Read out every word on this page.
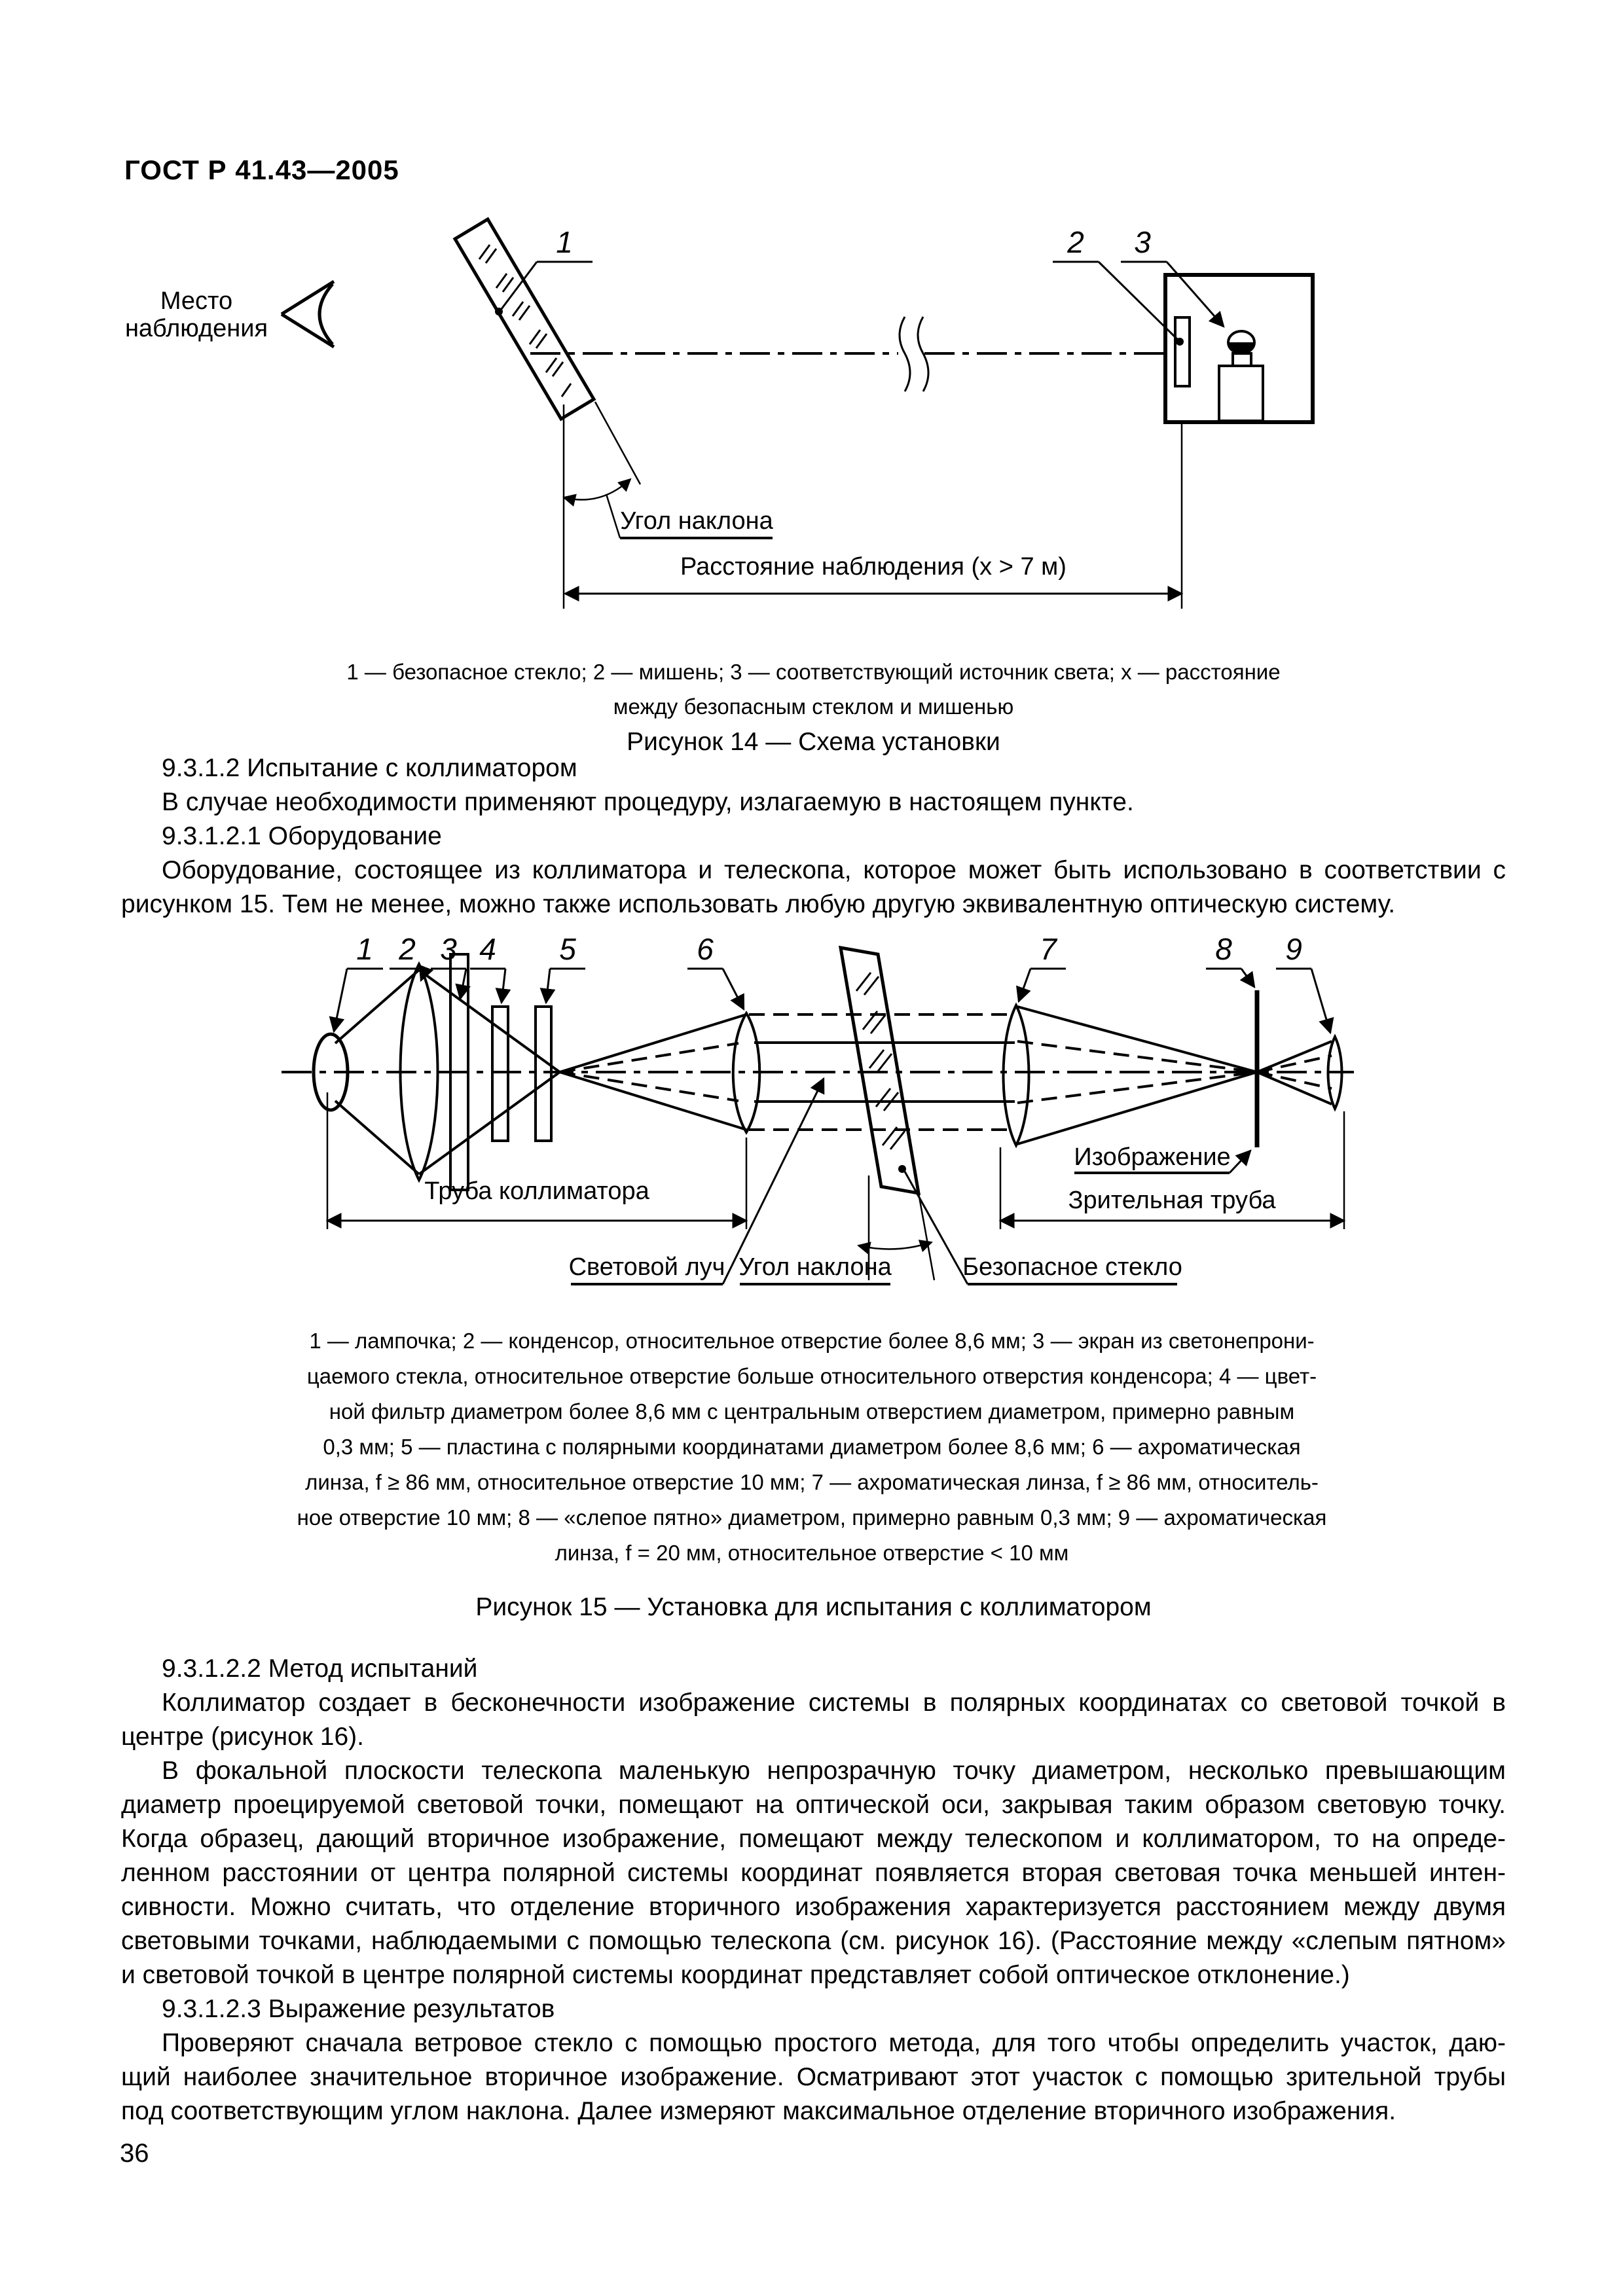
ГОСТ Р 41.43—2005
Место
наблюдения
1	2 3
Угол наклона
Расстояние наблюдения (x > 7 м)
1 — безопасное стекло; 2 — мишень; 3 — соответствующий источник света; x — расстояние
между безопасным стеклом и мишенью
Рисунок 14 — Схема установки
9.3.1.2 Испытание с коллиматором
В случае необходимости применяют процедуру, излагаемую в настоящем пункте.
9.3.1.2.1 Оборудование
Оборудование, состоящее из коллиматора и телескопа, которое может быть использовано в соответствии с
рисунком 15. Тем не менее, можно также использовать любую другую эквивалентную оптическую систему.
1 2 3 4 5	6	7	8 9
Труба коллиматора
Изображение
Зрительная труба
Световой луч Угол наклона	Безопасное стекло
1 — лампочка; 2 — конденсор, относительное отверстие более 8,6 мм; 3 — экран из светонепрони-
цаемого стекла, относительное отверстие больше относительного отверстия конденсора; 4 — цвет-
ной фильтр диаметром более 8,6 мм с центральным отверстием диаметром, примерно равным
0,3 мм; 5 — пластина с полярными координатами диаметром более 8,6 мм; 6 — ахроматическая
линза, f ≥ 86 мм, относительное отверстие 10 мм; 7 — ахроматическая линза, f ≥ 86 мм, относитель-
ное отверстие 10 мм; 8 — «слепое пятно» диаметром, примерно равным 0,3 мм; 9 — ахроматическая
линза, f = 20 мм, относительное отверстие < 10 мм
Рисунок 15 — Установка для испытания с коллиматором
9.3.1.2.2 Метод испытаний
Коллиматор создает в бесконечности изображение системы в полярных координатах со световой точкой в
центре (рисунок 16).
В фокальной плоскости телескопа маленькую непрозрачную точку диаметром, несколько превышающим
диаметр проецируемой световой точки, помещают на оптической оси, закрывая таким образом световую точку.
Когда образец, дающий вторичное изображение, помещают между телескопом и коллиматором, то на опреде-
ленном расстоянии от центра полярной системы координат появляется вторая световая точка меньшей интен-
сивности. Можно считать, что отделение вторичного изображения характеризуется расстоянием между двумя
световыми точками, наблюдаемыми с помощью телескопа (см. рисунок 16). (Расстояние между «слепым пятном»
и световой точкой в центре полярной системы координат представляет собой оптическое отклонение.)
9.3.1.2.3 Выражение результатов
Проверяют сначала ветровое стекло с помощью простого метода, для того чтобы определить участок, даю-
щий наиболее значительное вторичное изображение. Осматривают этот участок с помощью зрительной трубы
под соответствующим углом наклона. Далее измеряют максимальное отделение вторичного изображения.
36
